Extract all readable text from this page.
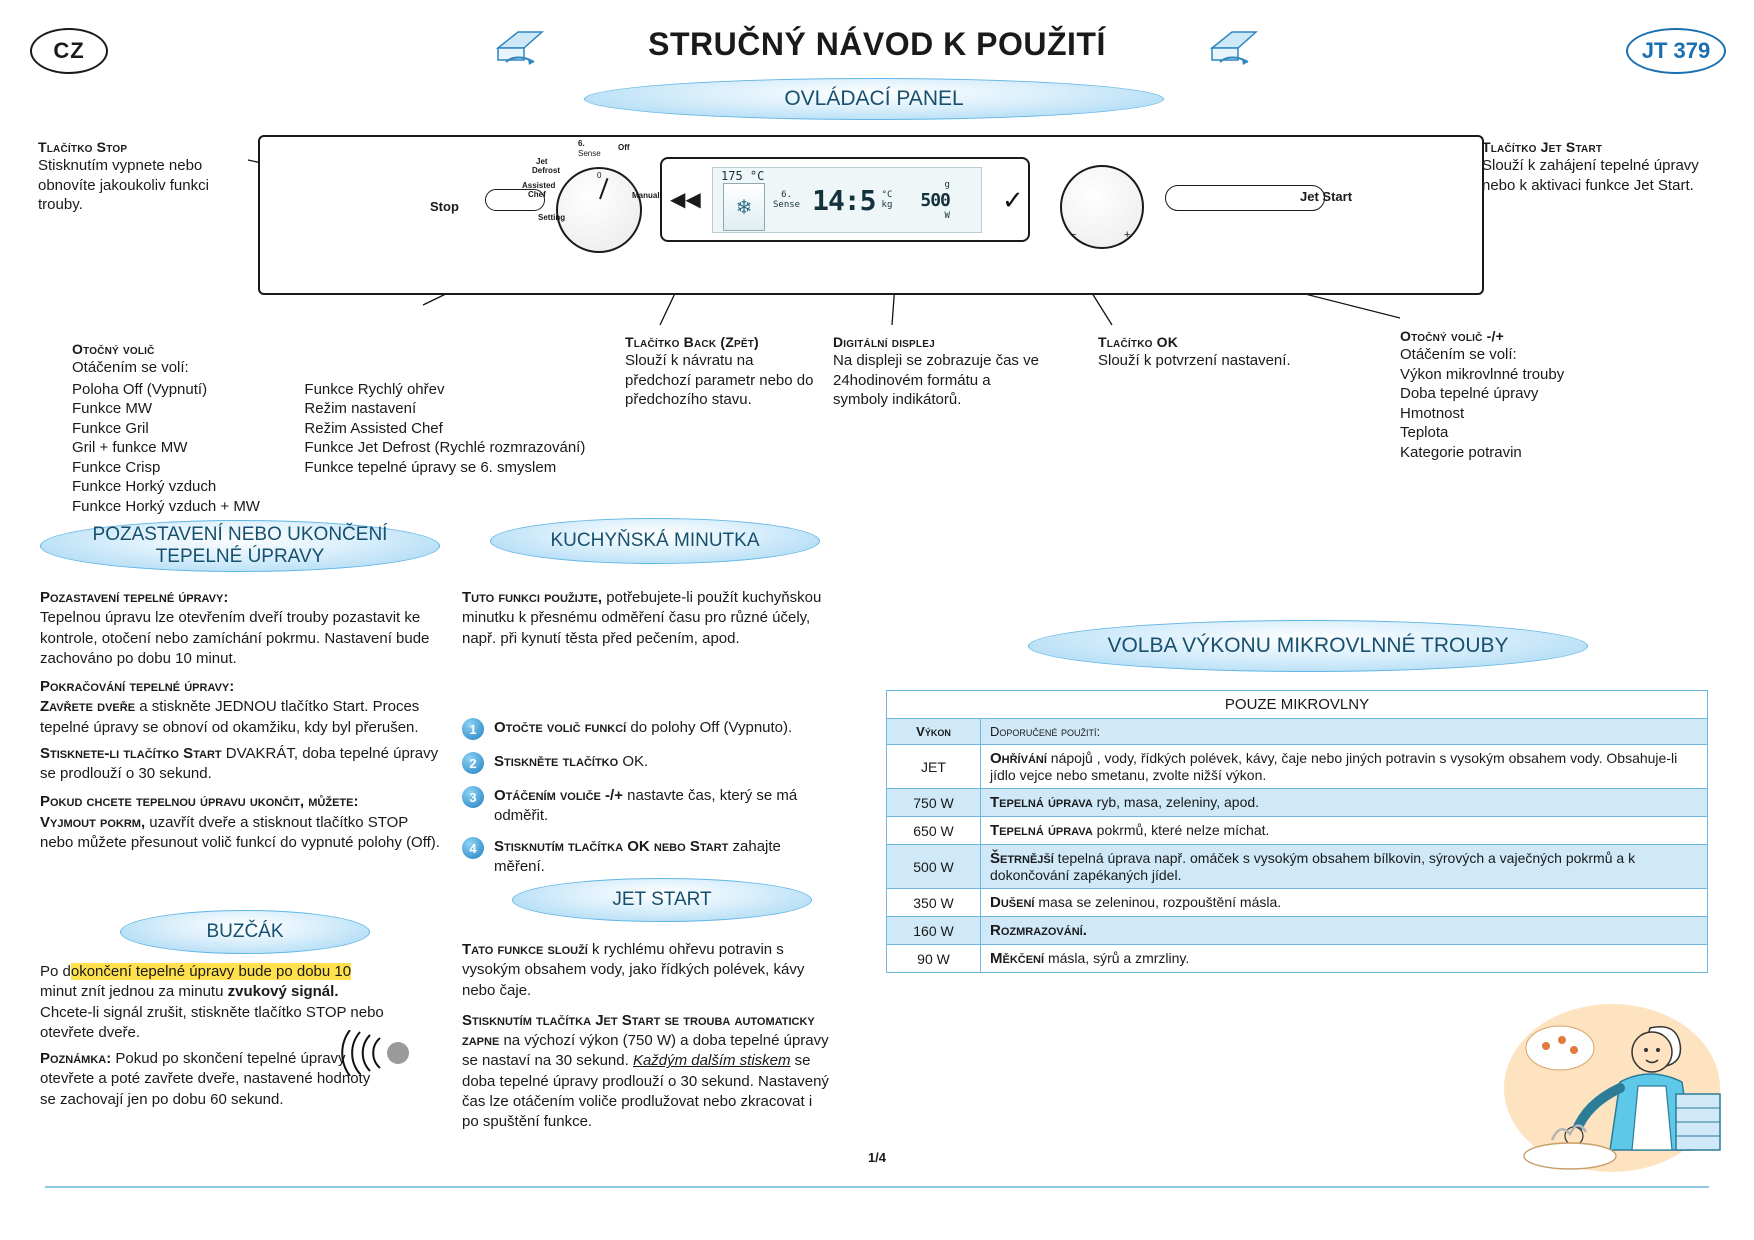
CZ	STRUČNÝ NÁVOD K POUŽITÍ	JT 379
OVLÁDACÍ PANEL
Stop
6.
Sense
Off
Jet
Defrost
Assisted
Chef
Setting
Manual
0
◀◀
175 °C
❄
6.
Sense 14:5 °C
kg
g
500
W
✓
−	+
Jet Start
Tlačítko Stop
Stisknutím vypnete nebo obnovíte jakoukoliv funkci trouby.
Tlačítko Jet Start
Slouží k zahájení tepelné úpravy nebo k aktivaci funkce Jet Start.
Otočný volič
Otáčením se volí:
Poloha Off (Vypnutí)
Funkce MW
Funkce Gril
Gril + funkce MW
Funkce Crisp
Funkce Horký vzduch
Funkce Horký vzduch + MW
Funkce Rychlý ohřev
Režim nastavení
Režim Assisted Chef
Funkce Jet Defrost (Rychlé rozmrazování)
Funkce tepelné úpravy se 6. smyslem
Tlačítko Back (Zpět)
Slouží k návratu na předchozí parametr nebo do předchozího stavu.
Digitální displej
Na displeji se zobrazuje čas ve 24hodinovém formátu a symboly indikátorů.
Tlačítko OK
Slouží k potvrzení nastavení.
Otočný volič -/+
Otáčením se volí:
Výkon mikrovlnné trouby
Doba tepelné úpravy
Hmotnost
Teplota
Kategorie potravin
POZASTAVENÍ NEBO UKONČENÍ TEPELNÉ ÚPRAVY
Pozastavení tepelné úpravy:
Tepelnou úpravu lze otevřením dveří trouby pozastavit ke kontrole, otočení nebo zamíchání pokrmu. Nastavení bude zachováno po dobu 10 minut.
Pokračování tepelné úpravy:
Zavřete dveře a stiskněte JEDNOU tlačítko Start. Proces tepelné úpravy se obnoví od okamžiku, kdy byl přerušen.
Stisknete-li tlačítko Start DVAKRÁT, doba tepelné úpravy se prodlouží o 30 sekund.
Pokud chcete tepelnou úpravu ukončit, můžete:
Vyjmout pokrm, uzavřít dveře a stisknout tlačítko STOP nebo můžete přesunout volič funkcí do vypnuté polohy (Off).
BUZČÁK
Po dokončení tepelné úpravy bude po dobu 10 minut znít jednou za minutu zvukový signál. Chcete-li signál zrušit, stiskněte tlačítko STOP nebo otevřete dveře.
Poznámka: Pokud po skončení tepelné úpravy otevřete a poté zavřete dveře, nastavené hodnoty se zachovají jen po dobu 60 sekund.
KUCHYŇSKÁ MINUTKA
Tuto funkci použijte, potřebujete-li použít kuchyňskou minutku k přesnému odměření času pro různé účely, např. při kynutí těsta před pečením, apod.
1	Otočte volič funkcí do polohy Off (Vypnuto).
2	Stiskněte tlačítko OK.
3	Otáčením voliče -/+ nastavte čas, který se má odměřit.
4	Stisknutím tlačítka OK nebo Start zahajte měření.
JET START
Tato funkce slouží k rychlému ohřevu potravin s vysokým obsahem vody, jako řídkých polévek, kávy nebo čaje.
Stisknutím tlačítka Jet Start se trouba automaticky zapne na výchozí výkon (750 W) a doba tepelné úpravy se nastaví na 30 sekund. Každým dalším stiskem se doba tepelné úpravy prodlouží o 30 sekund. Nastavený čas lze otáčením voliče prodlužovat nebo zkracovat i po spuštění funkce.
VOLBA VÝKONU MIKROVLNNÉ TROUBY
POUZE MIKROVLNY	
Výkon	Doporučené použití:
JET	Ohřívání nápojů , vody, řídkých polévek, kávy, čaje nebo jiných potravin s vysokým obsahem vody. Obsahuje-li jídlo vejce nebo smetanu, zvolte nižší výkon.
750 W	Tepelná úprava ryb, masa, zeleniny, apod.
650 W	Tepelná úprava pokrmů, které nelze míchat.
500 W	Šetrnější tepelná úprava např. omáček s vysokým obsahem bílkovin, sýrových a vaječných pokrmů a k dokončování zapékaných jídel.
350 W	Dušení masa se zeleninou, rozpouštění másla.
160 W	Rozmrazování.
90 W	Měkčení másla, sýrů a zmrzliny.
1/4
